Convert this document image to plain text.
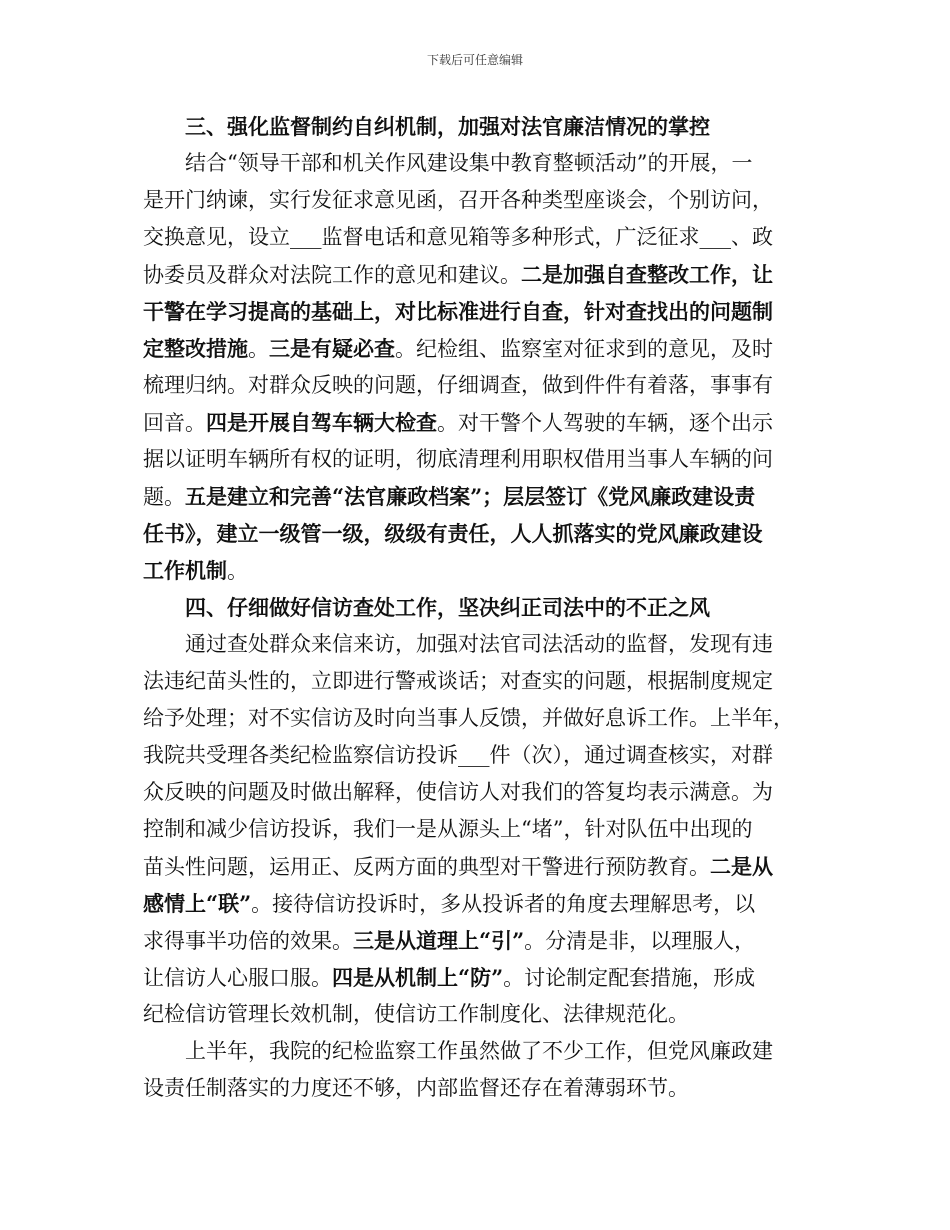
下载后可任意编辑
三、强化监督制约自纠机制，加强对法官廉洁情况的掌控
结合“领导干部和机关作风建设集中教育整顿活动”的开展，一
是开门纳谏，实行发征求意见函，召开各种类型座谈会，个别访问，
交换意见，设立___监督电话和意见箱等多种形式，广泛征求___、政
协委员及群众对法院工作的意见和建议。二是加强自查整改工作，让
干警在学习提高的基础上，对比标准进行自查，针对查找出的问题制
定整改措施。三是有疑必查。纪检组、监察室对征求到的意见，及时
梳理归纳。对群众反映的问题，仔细调查，做到件件有着落，事事有
回音。四是开展自驾车辆大检查。对干警个人驾驶的车辆，逐个出示
据以证明车辆所有权的证明，彻底清理利用职权借用当事人车辆的问
题。五是建立和完善“法官廉政档案”；层层签订《党风廉政建设责
任书》，建立一级管一级，级级有责任，人人抓落实的党风廉政建设
工作机制。
四、仔细做好信访查处工作，坚决纠正司法中的不正之风
通过查处群众来信来访，加强对法官司法活动的监督，发现有违
法违纪苗头性的，立即进行警戒谈话；对查实的问题，根据制度规定
给予处理；对不实信访及时向当事人反馈，并做好息诉工作。上半年，
我院共受理各类纪检监察信访投诉___件（次），通过调查核实，对群
众反映的问题及时做出解释，使信访人对我们的答复均表示满意。为
控制和减少信访投诉，我们一是从源头上“堵”，针对队伍中出现的
苗头性问题，运用正、反两方面的典型对干警进行预防教育。二是从
感情上“联”。接待信访投诉时，多从投诉者的角度去理解思考，以
求得事半功倍的效果。三是从道理上“引”。分清是非，以理服人，
让信访人心服口服。四是从机制上“防”。讨论制定配套措施，形成
纪检信访管理长效机制，使信访工作制度化、法律规范化。
上半年，我院的纪检监察工作虽然做了不少工作，但党风廉政建
设责任制落实的力度还不够，内部监督还存在着薄弱环节。
